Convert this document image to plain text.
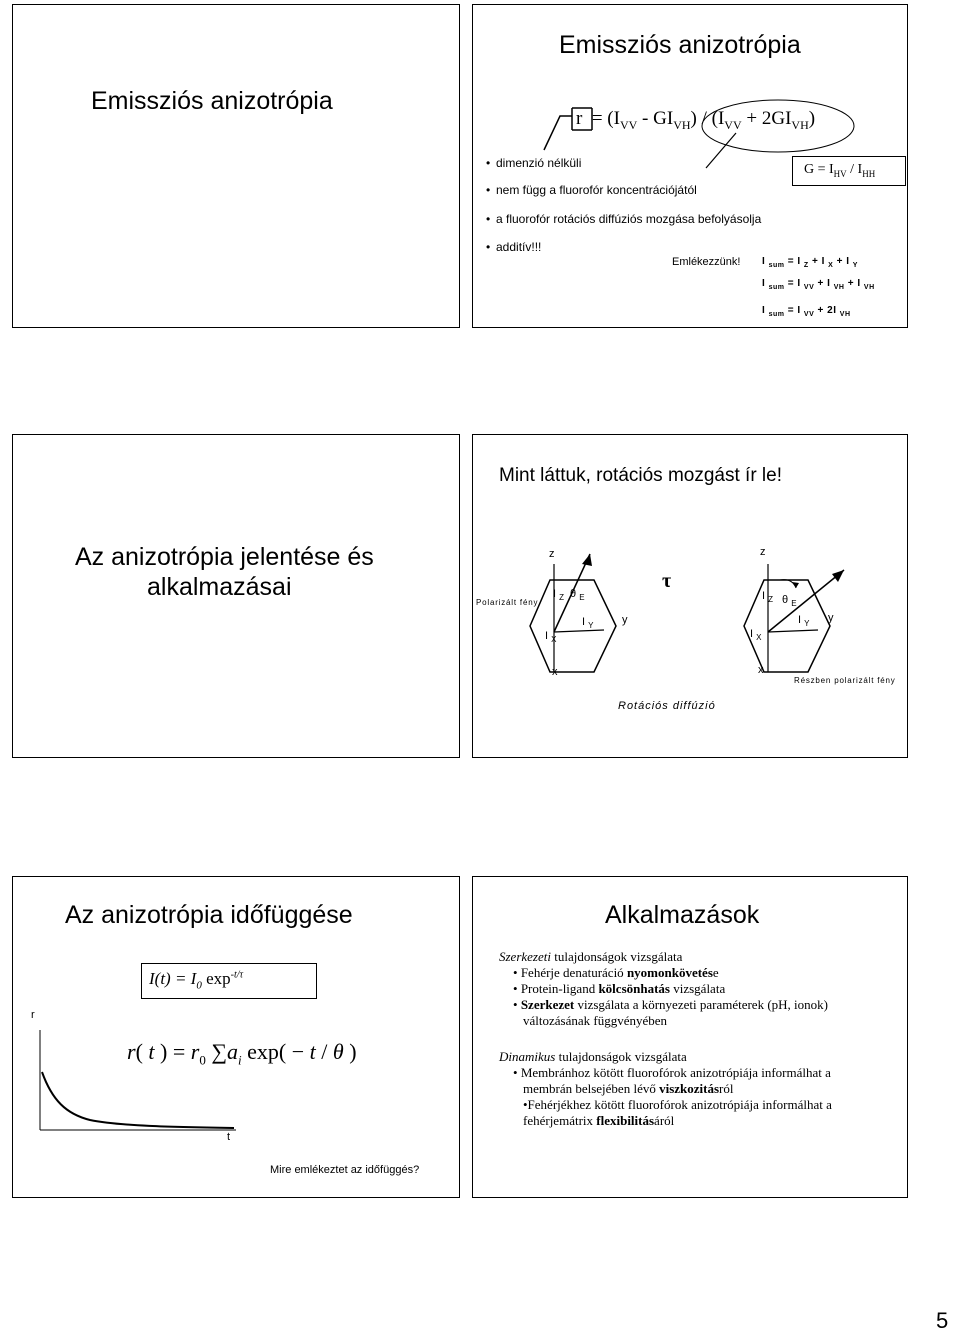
Emissziós anizotrópia
Emissziós anizotrópia
$r = (I_{VV} - GI_{VH}) / (I_{VV} + 2GI_{VH})$
$G = I_{HV} / I_{HH}$
• dimenzió nélküli
• nem függ a fluorofór koncentrációjától
• a fluorofór rotációs diffúziós mozgása befolyásolja
• additív!!!
Emlékezzünk! I $_{sum}$ = I $_Z$ + I $_X$ + I $_Y$
I $_{sum}$ = I $_{VV}$ + I $_{VH}$ + I $_{VH}$
I $_{sum}$ = I $_{VV}$ + 2I $_{VH}$
Az anizotrópia jelentése és
alkalmazásai
Mint láttuk, rotációs mozgást ír le!
Polarizált fény
z
I $_Z$ θ $_E$
I $_Y$
I $_X$
y
x
τ
z
I $_Z$ θ $_E$
I $_Y$
I $_X$
y
x
Részben polarizált fény
Rotációs diffúzió
Az anizotrópia időfüggése
$I(t) = I_0$ $\exp^{-t/\tau}$
r( t ) = $r_0$ $\sum a_i$ exp( − t / θ )
r
t
Mire emlékeztet az időfüggés?
Alkalmazások
Szerkezeti tulajdonságok vizsgálata
• Fehérje denaturáció nyomonkövetése
• Protein-ligand kölcsönhatás vizsgálata
• Szerkezet vizsgálata a környezeti paraméterek (pH, ionok)
változásának függvényében
Dinamikus tulajdonságok vizsgálata
• Membránhoz kötött fluorofórok anizotrópiája informálhat a
membrán belsejében lévő viszkozitásról
•Fehérjékhez kötött fluorofórok anizotrópiája informálhat a
fehérjemátrix flexibilitásáról
5
